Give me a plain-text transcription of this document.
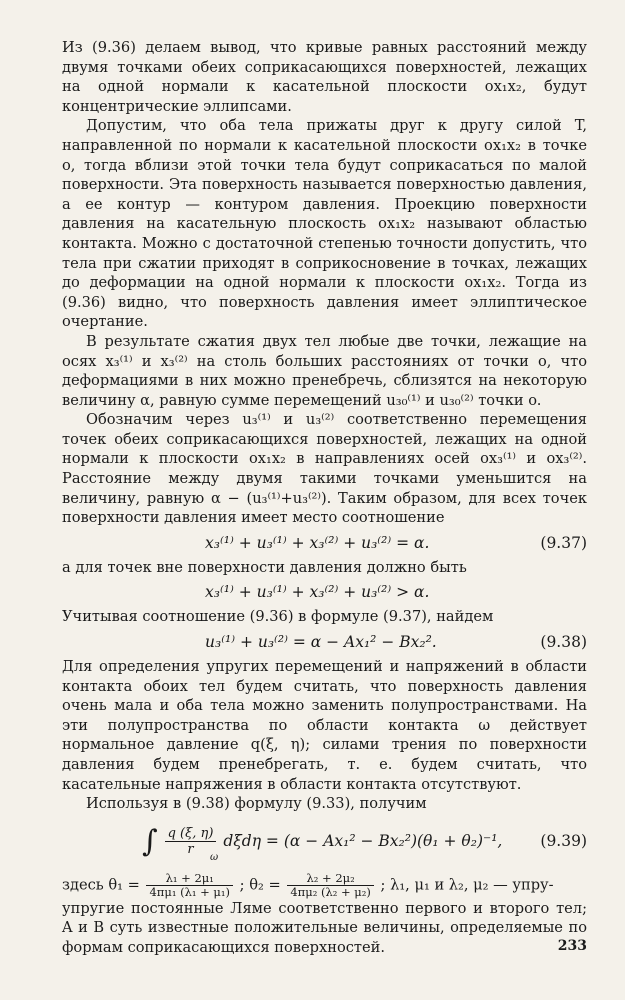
Из (9.36) делаем вывод, что кривые равных расстояний между двумя точками обеих соприкасающихся поверхностей, лежащих на одной нормали к касательной плоскости ox₁x₂, будут концентрические эллипсами.

Допустим, что оба тела прижаты друг к другу силой T, направленной по нормали к касательной плоскости ox₁x₂ в точке o, тогда вблизи этой точки тела будут соприкасаться по малой поверхности. Эта поверхность называется поверхностью давления, а ее контур — контуром давления. Проекцию поверхности давления на касательную плоскость ox₁x₂ называют областью контакта. Можно с достаточной степенью точности допустить, что тела при сжатии приходят в соприкосновение в точках, лежащих до деформации на одной нормали к плоскости ox₁x₂. Тогда из (9.36) видно, что поверхность давления имеет эллиптическое очертание.

В результате сжатия двух тел любые две точки, лежащие на осях x₃⁽¹⁾ и x₃⁽²⁾ на столь больших расстояниях от точки o, что деформациями в них можно пренебречь, сблизятся на некоторую величину α, равную сумме перемещений u₃₀⁽¹⁾ и u₃₀⁽²⁾ точки o.

Обозначим через u₃⁽¹⁾ и u₃⁽²⁾ соответственно перемещения точек обеих соприкасающихся поверхностей, лежащих на одной нормали к плоскости ox₁x₂ в направлениях осей ox₃⁽¹⁾ и ox₃⁽²⁾. Расстояние между двумя такими точками уменьшится на величину, равную α − (u₃⁽¹⁾+u₃⁽²⁾). Таким образом, для всех точек поверхности давления имеет место соотношение

x₃⁽¹⁾ + u₃⁽¹⁾ + x₃⁽²⁾ + u₃⁽²⁾ = α.	(9.37)

а для точек вне поверхности давления должно быть

x₃⁽¹⁾ + u₃⁽¹⁾ + x₃⁽²⁾ + u₃⁽²⁾ > α.

Учитывая соотношение (9.36) в формуле (9.37), найдем

u₃⁽¹⁾ + u₃⁽²⁾ = α − Ax₁² − Bx₂².	(9.38)

Для определения упругих перемещений и напряжений в области контакта обоих тел будем считать, что поверхность давления очень мала и оба тела можно заменить полупространствами. На эти полупространства по области контакта ω действует нормальное давление q(ξ, η); силами трения по поверхности давления будем пренебрегать, т. е. будем считать, что касательные напряжения в области контакта отсутствуют.

Используя в (9.38) формулу (9.33), получим

∫ $\frac{q (\xi, \eta)}{r}$ dξdη = (α − Ax₁² − Bx₂²)(θ₁ + θ₂)⁻¹,
ω
(9.39)

здесь $\theta_1 = \frac{\text{λ₁ + 2μ₁}}{\text{4πμ₁ (λ₁ + μ₁)}}$ ; $\theta_2 = \frac{\text{λ₂ + 2μ₂}}{\text{4πμ₂ (λ₂ + μ₂)}}$ ; λ₁, μ₁ и λ₂, μ₂ — упру-

упругие постоянные Ляме соответственно первого и второго тел; A и B суть известные положительные величины, определяемые по формам соприкасающихся поверхностей.	233
